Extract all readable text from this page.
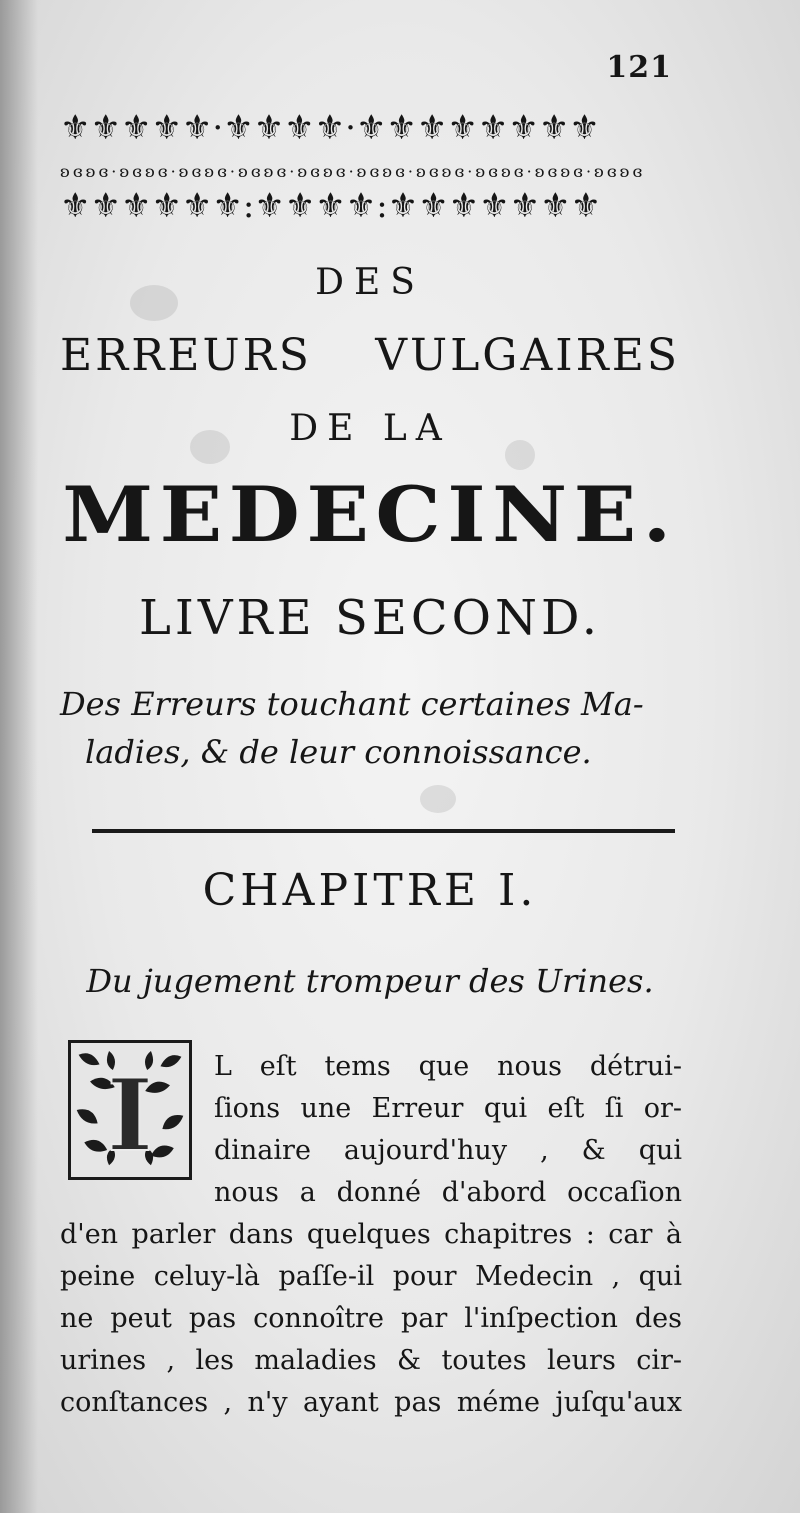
121
⚜⚜⚜⚜⚜·⚜⚜⚜⚜·⚜⚜⚜⚜⚜⚜⚜⚜
ʚɞʚɞ·ʚɞʚɞ·ʚɞʚɞ·ʚɞʚɞ·ʚɞʚɞ·ʚɞʚɞ·ʚɞʚɞ·ʚɞʚɞ·ʚɞʚɞ·ʚɞʚɞ
⚜⚜⚜⚜⚜⚜:⚜⚜⚜⚜:⚜⚜⚜⚜⚜⚜⚜
DES
ERREURS VULGAIRES
DE LA
MEDECINE.
LIVRE SECOND.
Des Erreurs touchant certaines Ma-
ladies, & de leur connoissance.
CHAPITRE I.
Du jugement trompeur des Urines.
I L eſt tems que nous détrui-
ſions une Erreur qui eſt ſi or-
dinaire aujourd'huy , & qui
nous a donné d'abord occaſion
d'en parler dans quelques chapitres : car à
peine celuy-là paſſe-il pour Medecin , qui
ne peut pas connoître par l'inſpection des
urines , les maladies & toutes leurs cir-
conſtances , n'y ayant pas méme juſqu'aux
